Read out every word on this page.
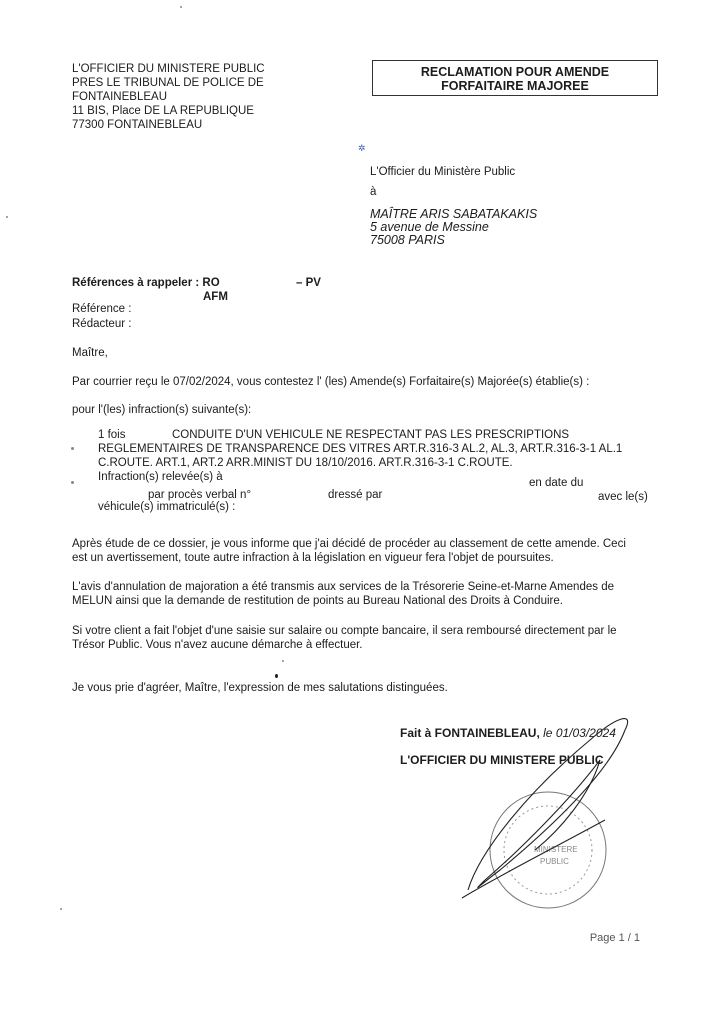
L'OFFICIER DU MINISTERE PUBLIC
PRES LE TRIBUNAL DE POLICE DE
FONTAINEBLEAU
11 BIS, Place DE LA REPUBLIQUE
77300 FONTAINEBLEAU
RECLAMATION POUR AMENDE
FORFAITAIRE MAJOREE
✲
L'Officier du Ministère Public
à
MAÎTRE ARIS SABATAKAKIS
5 avenue de Messine
75008 PARIS
Références à rappeler : RO	– PV
AFM
Référence :
Rédacteur :
Maître,
Par courrier reçu le 07/02/2024, vous contestez l' (les) Amende(s) Forfaitaire(s) Majorée(s) établie(s) :
pour l'(les) infraction(s) suivante(s):
1 fois	CONDUITE D'UN VEHICULE NE RESPECTANT PAS LES PRESCRIPTIONS
REGLEMENTAIRES DE TRANSPARENCE DES VITRES ART.R.316-3 AL.2, AL.3, ART.R.316-3-1 AL.1
C.ROUTE. ART.1, ART.2 ARR.MINIST DU 18/10/2016. ART.R.316-3-1 C.ROUTE.
Infraction(s) relevée(s) à	en date du
par procès verbal n°	dressé par	avec le(s)
véhicule(s) immatriculé(s) :
Après étude de ce dossier, je vous informe que j'ai décidé de procéder au classement de cette amende. Ceci
est un avertissement, toute autre infraction à la législation en vigueur fera l'objet de poursuites.
L'avis d'annulation de majoration a été transmis aux services de la Trésorerie Seine-et-Marne Amendes de
MELUN ainsi que la demande de restitution de points au Bureau National des Droits à Conduire.
Si votre client a fait l'objet d'une saisie sur salaire ou compte bancaire, il sera remboursé directement par le
Trésor Public. Vous n'avez aucune démarche à effectuer.
Je vous prie d'agréer, Maître, l'expression de mes salutations distinguées.
Fait à FONTAINEBLEAU, le 01/03/2024
L'OFFICIER DU MINISTERE PUBLIC
MINISTERE
PUBLIC
Page 1 / 1
